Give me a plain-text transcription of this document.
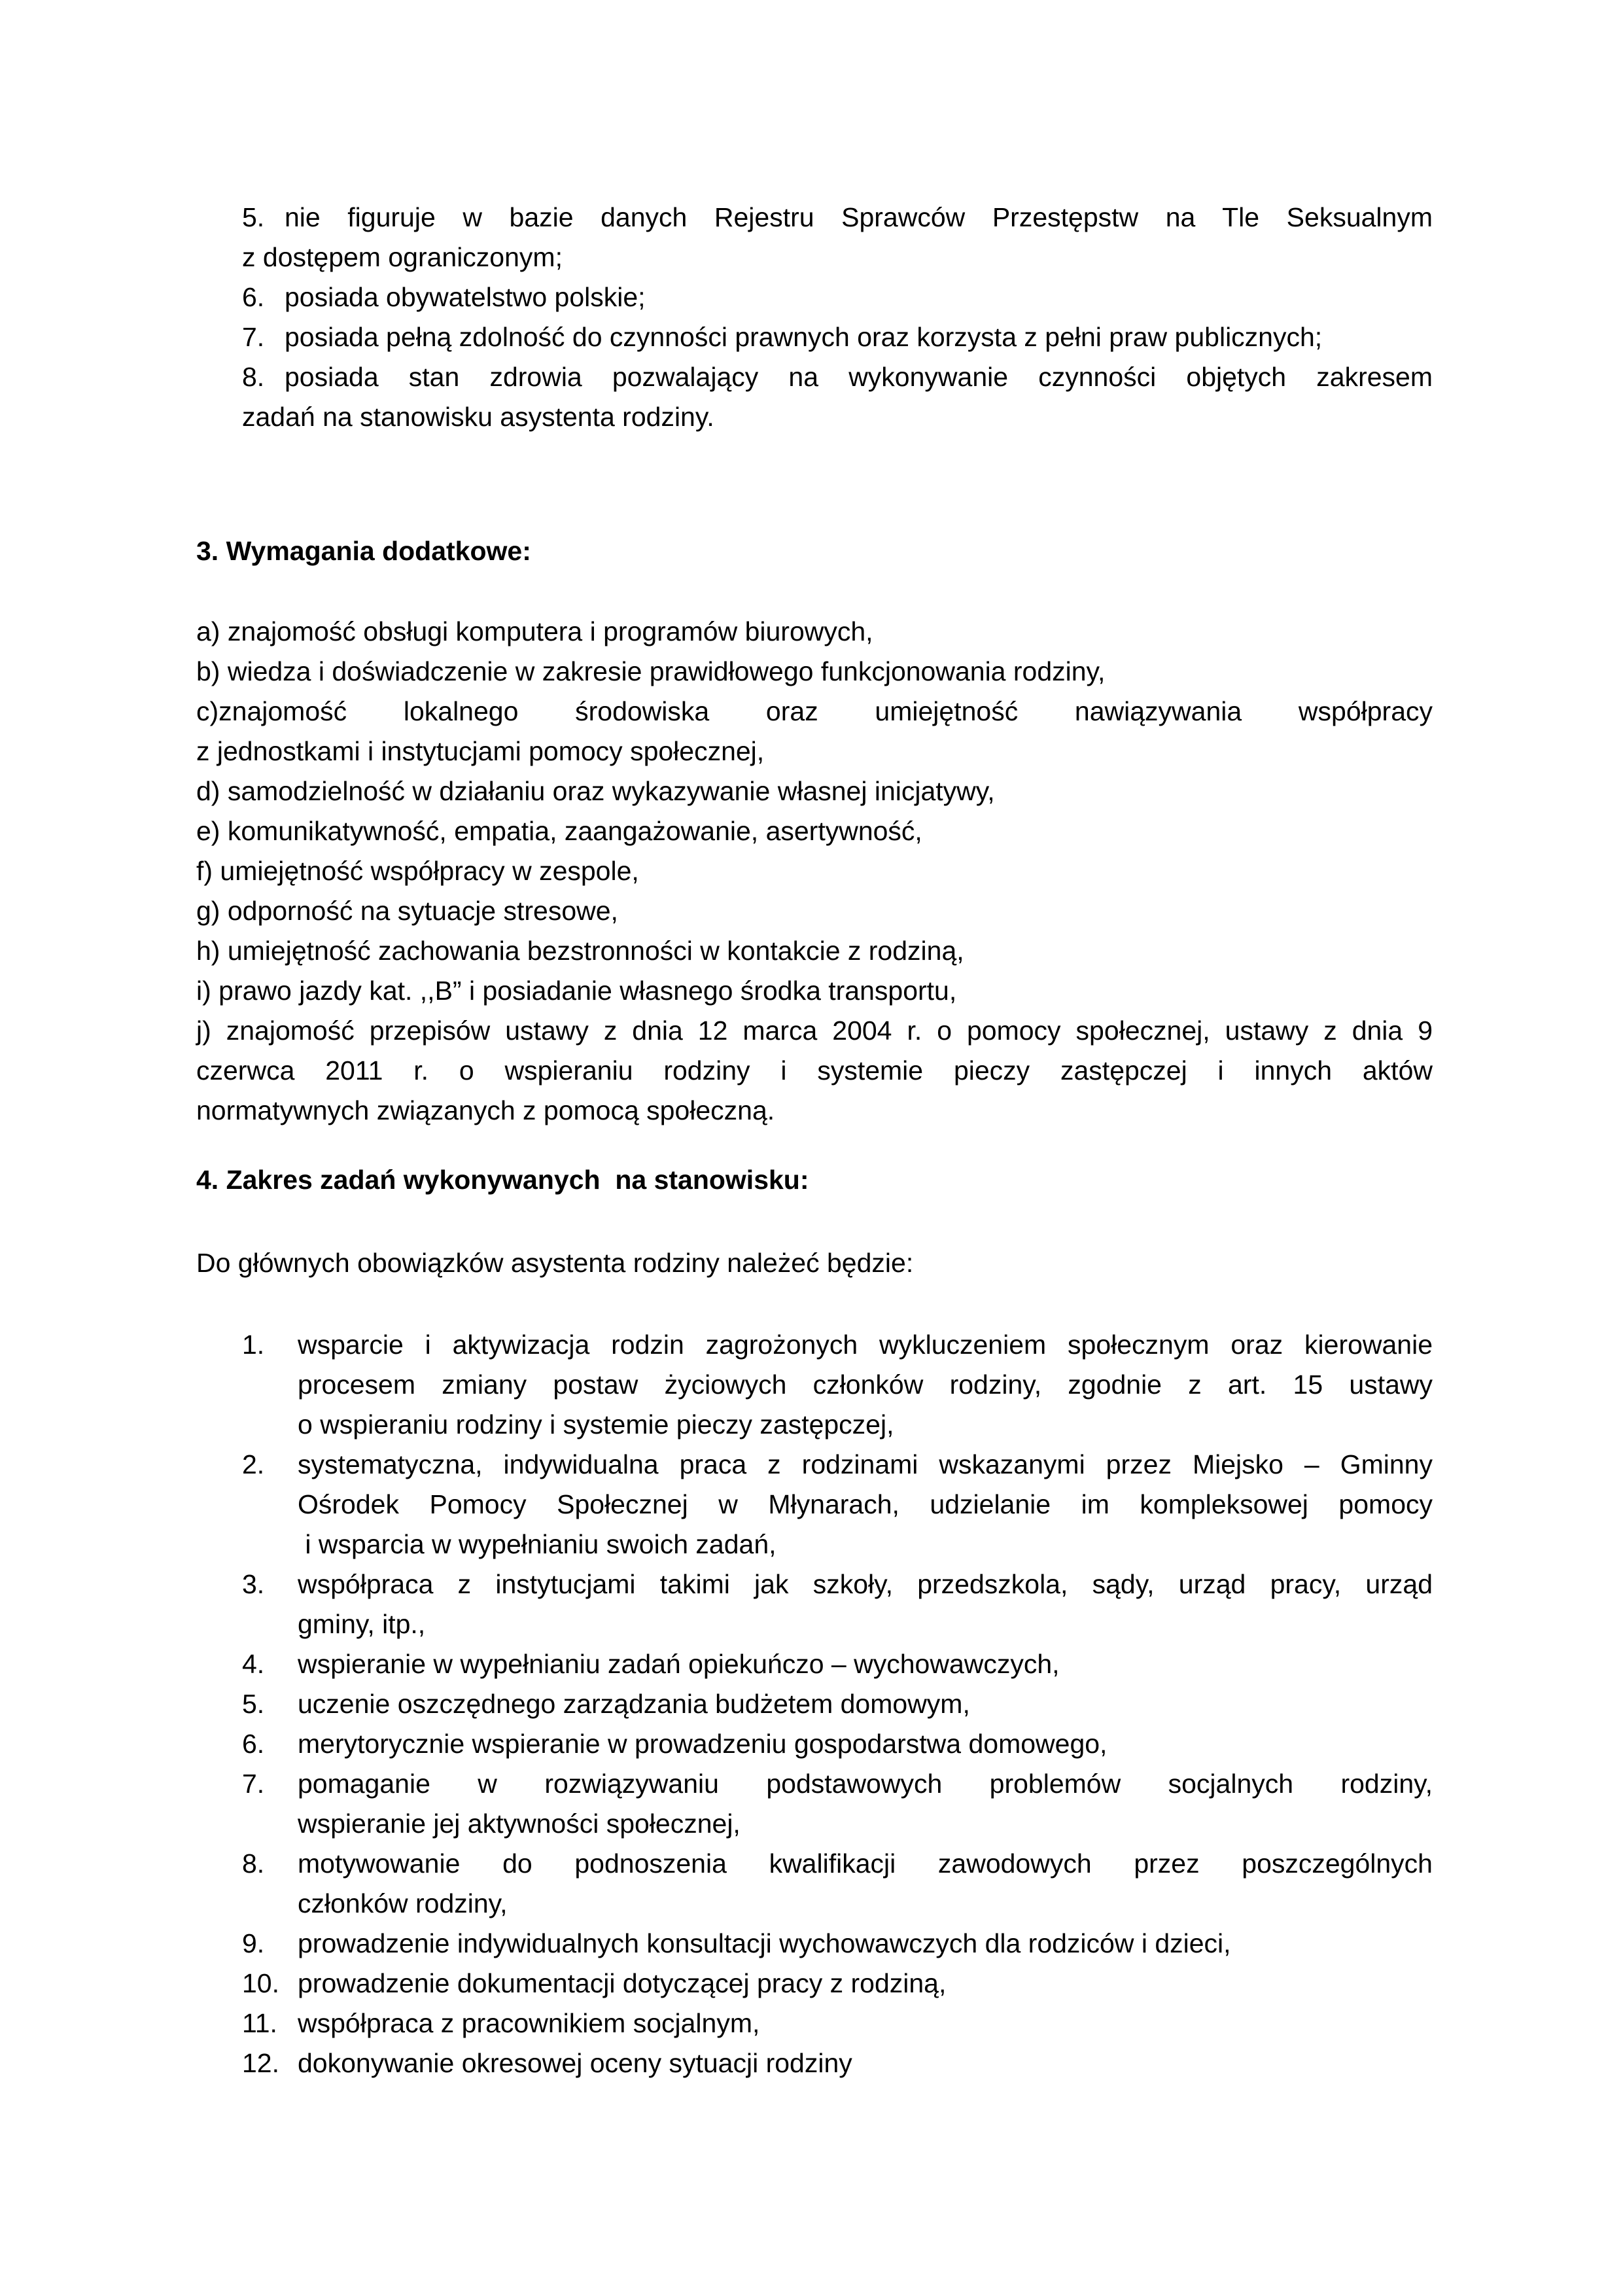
5. nie figuruje w bazie danych Rejestru Sprawców Przestępstw na Tle Seksualnym
z dostępem ograniczonym;
6. posiada obywatelstwo polskie;
7. posiada pełną zdolność do czynności prawnych oraz korzysta z pełni praw publicznych;
8. posiada stan zdrowia pozwalający na wykonywanie czynności objętych zakresem
zadań na stanowisku asystenta rodziny.
3. Wymagania dodatkowe:
a) znajomość obsługi komputera i programów biurowych,
b) wiedza i doświadczenie w zakresie prawidłowego funkcjonowania rodziny,
c)znajomość lokalnego środowiska oraz umiejętność nawiązywania współpracy
z jednostkami i instytucjami pomocy społecznej,
d) samodzielność w działaniu oraz wykazywanie własnej inicjatywy,
e) komunikatywność, empatia, zaangażowanie, asertywność,
f) umiejętność współpracy w zespole,
g) odporność na sytuacje stresowe,
h) umiejętność zachowania bezstronności w kontakcie z rodziną,
i) prawo jazdy kat. ,,B” i posiadanie własnego środka transportu,
j) znajomość przepisów ustawy z dnia 12 marca 2004 r. o pomocy społecznej, ustawy z dnia 9
czerwca 2011 r. o wspieraniu rodziny i systemie pieczy zastępczej i innych aktów
normatywnych związanych z pomocą społeczną.
4. Zakres zadań wykonywanych  na stanowisku:
Do głównych obowiązków asystenta rodziny należeć będzie:
1. wsparcie i aktywizacja rodzin zagrożonych wykluczeniem społecznym oraz kierowanie
procesem zmiany postaw życiowych członków rodziny, zgodnie z art. 15 ustawy
o wspieraniu rodziny i systemie pieczy zastępczej,
2. systematyczna, indywidualna praca z rodzinami wskazanymi przez Miejsko – Gminny
Ośrodek Pomocy Społecznej w Młynarach, udzielanie im kompleksowej pomocy
i wsparcia w wypełnianiu swoich zadań,
3. współpraca z instytucjami takimi jak szkoły, przedszkola, sądy, urząd pracy, urząd
gminy, itp.,
4. wspieranie w wypełnianiu zadań opiekuńczo – wychowawczych,
5. uczenie oszczędnego zarządzania budżetem domowym,
6. merytorycznie wspieranie w prowadzeniu gospodarstwa domowego,
7. pomaganie w rozwiązywaniu podstawowych problemów socjalnych rodziny,
wspieranie jej aktywności społecznej,
8. motywowanie do podnoszenia kwalifikacji zawodowych przez poszczególnych
członków rodziny,
9. prowadzenie indywidualnych konsultacji wychowawczych dla rodziców i dzieci,
10. prowadzenie dokumentacji dotyczącej pracy z rodziną,
11. współpraca z pracownikiem socjalnym,
12. dokonywanie okresowej oceny sytuacji rodziny
